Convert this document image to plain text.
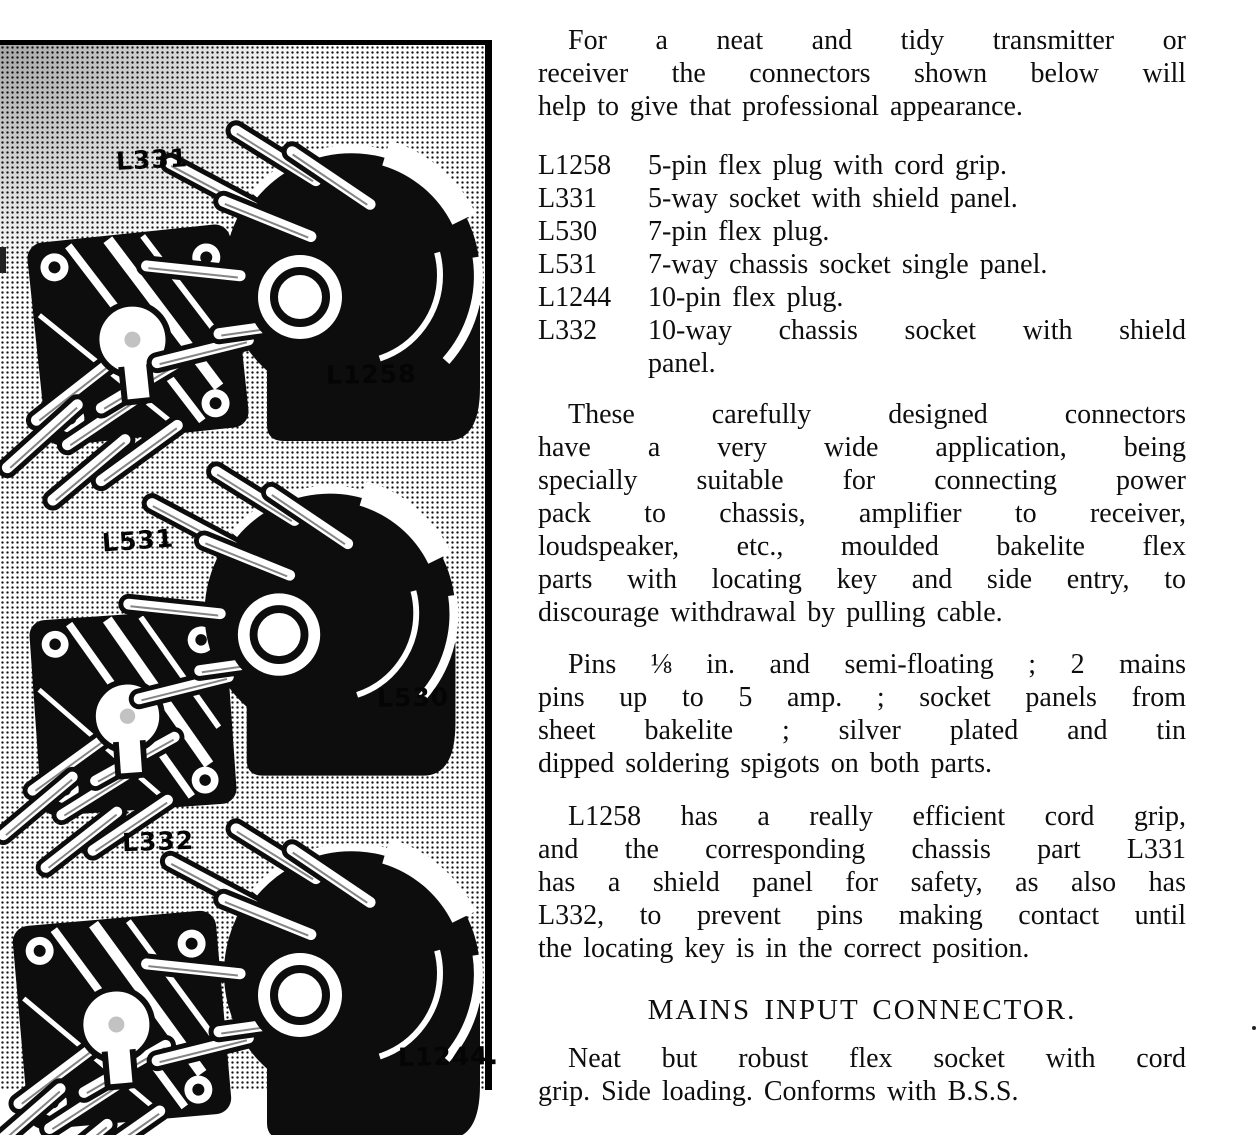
L331
L1258
L531
L530
L332
L1244.
For a neat and tidy transmitter or
receiver the connectors shown below will
help to give that professional appearance.
L1258	5-pin flex plug with cord grip.
L331	5-way socket with shield panel.
L530	7-pin flex plug.
L531	7-way chassis socket single panel.
L1244	10-pin flex plug.
L332	10-way chassis socket with shield
panel.
These carefully designed connectors
have a very wide application, being
specially suitable for connecting power
pack to chassis, amplifier to receiver,
loudspeaker, etc., moulded bakelite flex
parts with locating key and side entry, to
discourage withdrawal by pulling cable.
Pins ⅛ in. and semi-floating ; 2 mains
pins up to 5 amp. ; socket panels from
sheet bakelite ; silver plated and tin
dipped soldering spigots on both parts.
L1258 has a really efficient cord grip,
and the corresponding chassis part L331
has a shield panel for safety, as also has
L332, to prevent pins making contact until
the locating key is in the correct position.
MAINS INPUT CONNECTOR.
Neat but robust flex socket with cord
grip. Side loading. Conforms with B.S.S.
